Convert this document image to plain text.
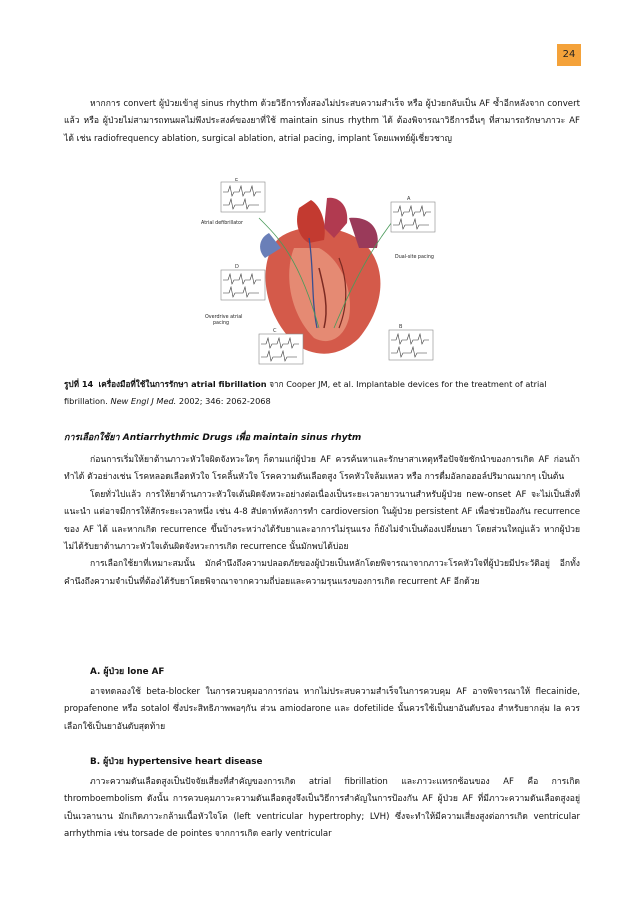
24

หากการ convert ผู้ป่วยเข้าสู่ sinus rhythm ด้วยวิธีการทั้งสองไม่ประสบความสำเร็จ หรือ ผู้ป่วยกลับเป็น AF ซ้ำอีกหลังจาก convert แล้ว หรือ ผู้ป่วยไม่สามารถทนผลไม่พึงประสงค์ของยาที่ใช้ maintain sinus rhythm ได้ ต้องพิจารณาวิธีการอื่นๆ ที่สามารถรักษาภาวะ AF ได้ เช่น radiofrequency ablation, surgical ablation, atrial pacing, implant โดยแพทย์ผู้เชี่ยวชาญ

E
Atrial defibrillator
A
Dual-site pacing
D
Overdrive atrial
pacing
C
B
รูปที่ 14 เครื่องมือที่ใช้ในการรักษา atrial fibrillation จาก Cooper JM, et al. Implantable devices for the treatment of atrial fibrillation. New Engl J Med. 2002; 346: 2062-2068
การเลือกใช้ยา Antiarrhythmic Drugs เพื่อ maintain sinus rhytm

ก่อนการเริ่มให้ยาต้านภาวะหัวใจผิดจังหวะใดๆ ก็ตามแก่ผู้ป่วย AF ควรค้นหาและรักษาสาเหตุหรือปัจจัยชักนำของการเกิด AF ก่อนถ้าทำได้ ตัวอย่างเช่น โรคหลอดเลือดหัวใจ โรคลิ้นหัวใจ โรคความดันเลือดสูง โรคหัวใจล้มเหลว หรือ การดื่มอัลกอฮอล์ปริมาณมากๆ เป็นต้น

โดยทั่วไปแล้ว การให้ยาต้านภาวะหัวใจเต้นผิดจังหวะอย่างต่อเนื่องเป็นระยะเวลายาวนานสำหรับผู้ป่วย new-onset AF จะไม่เป็นสิ่งที่แนะนำ แต่อาจมีการให้สักระยะเวลาหนึ่ง เช่น 4-8 สัปดาห์หลังการทำ cardioversion ในผู้ป่วย persistent AF เพื่อช่วยป้องกัน recurrence ของ AF ได้ และหากเกิด recurrence ขึ้นบ้างระหว่างได้รับยาและอาการไม่รุนแรง ก็ยังไม่จำเป็นต้องเปลี่ยนยา โดยส่วนใหญ่แล้ว หากผู้ป่วยไม่ได้รับยาต้านภาวะหัวใจเต้นผิดจังหวะการเกิด recurrence นั้นมักพบได้บ่อย

การเลือกใช้ยาที่เหมาะสมนั้น มักคำนึงถึงความปลอดภัยของผู้ป่วยเป็นหลักโดยพิจารณาจากภาวะโรคหัวใจที่ผู้ป่วยมีประวัติอยู่ อีกทั้งคำนึงถึงความจำเป็นที่ต้องได้รับยาโดยพิจาณาจากความถี่บ่อยและความรุนแรงของการเกิด recurrent AF อีกด้วย

A. ผู้ป่วย lone AF

อาจทดลองใช้ beta-blocker ในการควบคุมอาการก่อน หากไม่ประสบความสำเร็จในการควบคุม AF อาจพิจารณาให้ flecainide, propafenone หรือ sotalol ซึ่งประสิทธิภาพพอๆกัน ส่วน amiodarone และ dofetilide นั้นควรใช้เป็นยาอันดับรอง สำหรับยากลุ่ม Ia ควรเลือกใช้เป็นยาอันดับสุดท้าย

B. ผู้ป่วย hypertensive heart disease

ภาวะความดันเลือดสูงเป็นปัจจัยเสี่ยงที่สำคัญของการเกิด atrial fibrillation และภาวะแทรกซ้อนของ AF คือ การเกิด thromboembolism ดังนั้น การควบคุมภาวะความดันเลือดสูงจึงเป็นวิธีการสำคัญในการป้องกัน AF ผู้ป่วย AF ที่มีภาวะความดันเลือดสูงอยู่เป็นเวลานาน มักเกิดภาวะกล้ามเนื้อหัวใจโต (left ventricular hypertrophy; LVH) ซึ่งจะทำให้มีความเสี่ยงสูงต่อการเกิด ventricular arrhythmia เช่น torsade de pointes จากการเกิด early ventricular
